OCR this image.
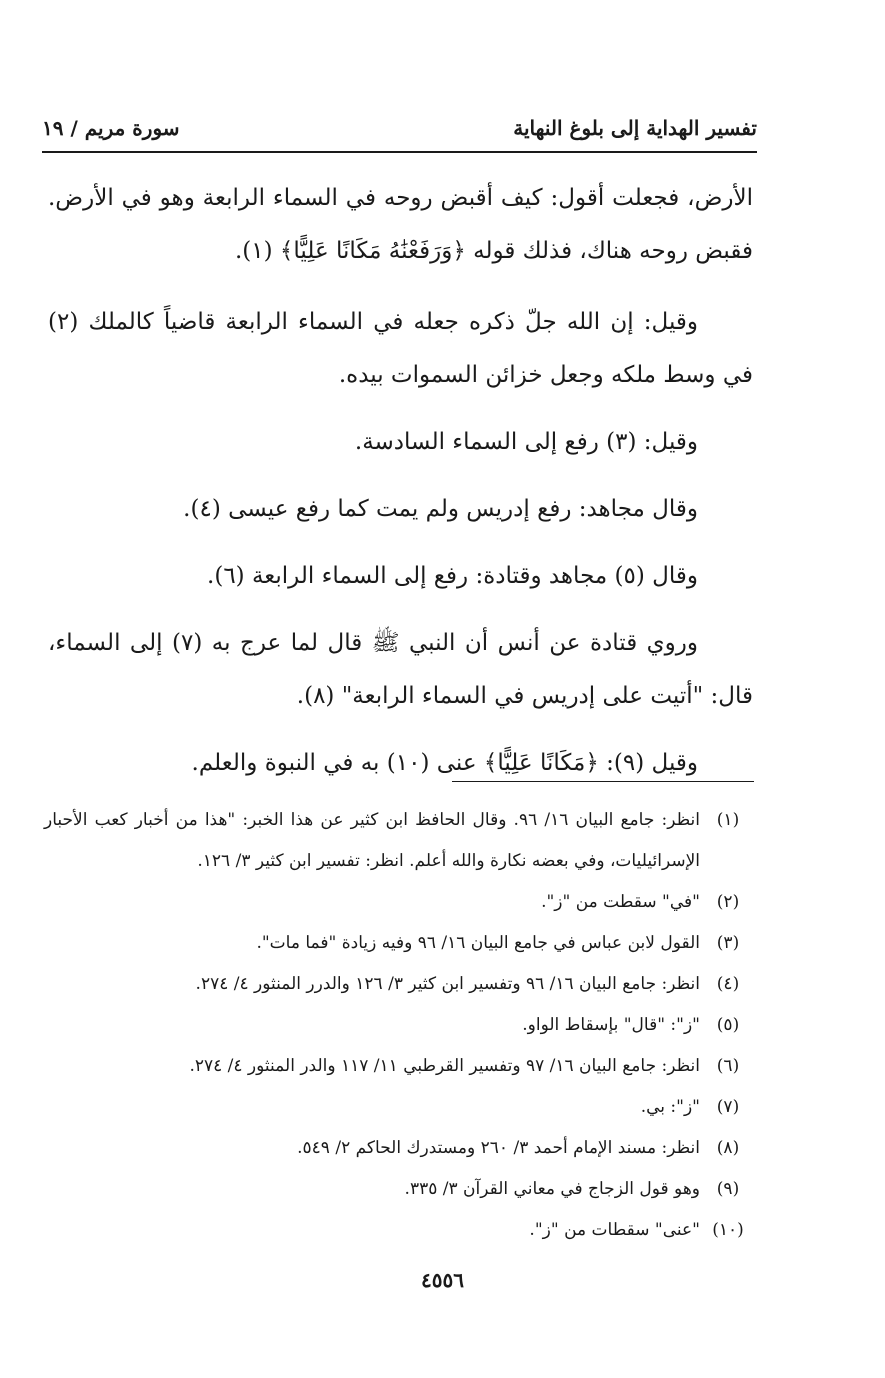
تفسير الهداية إلى بلوغ النهاية
سورة مريم / ١٩

الأرض، فجعلت أقول: كيف أقبض روحه في السماء الرابعة وهو في الأرض. فقبض روحه هناك، فذلك قوله ﴿وَرَفَعْنَٰهُ مَكَانًا عَلِيًّا﴾ (١).

وقيل: إن الله جلّ ذكره جعله في السماء الرابعة قاضياً كالملك (٢) في وسط ملكه وجعل خزائن السموات بيده.

وقيل: (٣) رفع إلى السماء السادسة.

وقال مجاهد: رفع إدريس ولم يمت كما رفع عيسى (٤).

وقال (٥) مجاهد وقتادة: رفع إلى السماء الرابعة (٦).

وروي قتادة عن أنس أن النبي ﷺ قال لما عرج به (٧) إلى السماء، قال: "أتيت على إدريس في السماء الرابعة" (٨).

وقيل (٩): ﴿مَكَانًا عَلِيًّا﴾ عنى (١٠) به في النبوة والعلم.

(١)
انظر: جامع البيان ١٦/ ٩٦. وقال الحافظ ابن كثير عن هذا الخبر: "هذا من أخبار كعب الأحبار الإسرائيليات، وفي بعضه نكارة والله أعلم. انظر: تفسير ابن كثير ٣/ ١٢٦.
(٢)
"في" سقطت من "ز".
(٣)
القول لابن عباس في جامع البيان ١٦/ ٩٦ وفيه زيادة "فما مات".
(٤)
انظر: جامع البيان ١٦/ ٩٦ وتفسير ابن كثير ٣/ ١٢٦ والدرر المنثور ٤/ ٢٧٤.
(٥)
"ز": "قال" بإسقاط الواو.
(٦)
انظر: جامع البيان ١٦/ ٩٧ وتفسير القرطبي ١١/ ١١٧ والدر المنثور ٤/ ٢٧٤.
(٧)
"ز": بي.
(٨)
انظر: مسند الإمام أحمد ٣/ ٢٦٠ ومستدرك الحاكم ٢/ ٥٤٩.
(٩)
وهو قول الزجاج في معاني القرآن ٣/ ٣٣٥.
(١٠)
"عنى" سقطات من "ز".
٤٥٥٦
